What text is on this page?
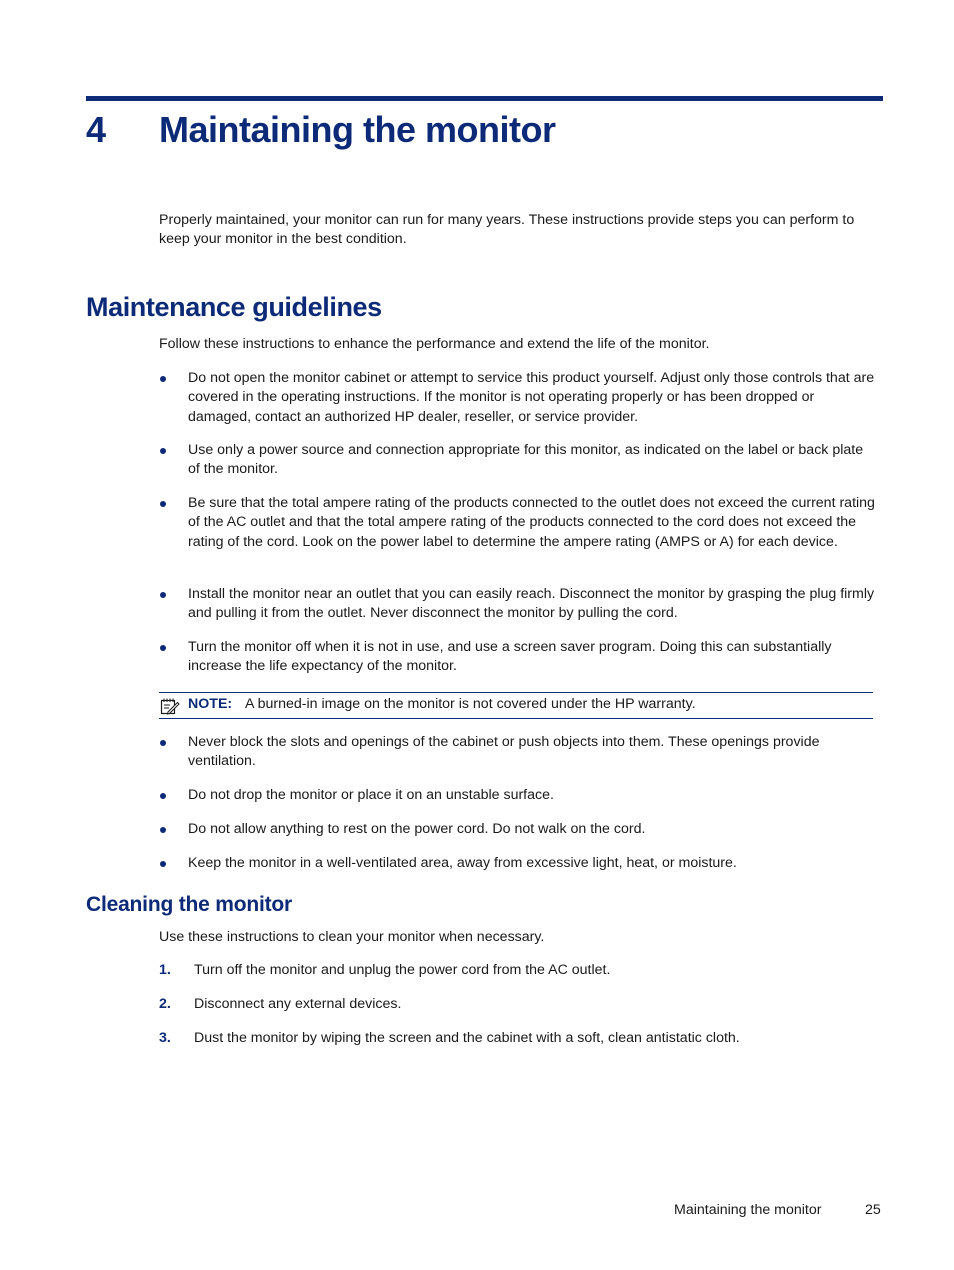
4 Maintaining the monitor
Properly maintained, your monitor can run for many years. These instructions provide steps you can perform to keep your monitor in the best condition.
Maintenance guidelines
Follow these instructions to enhance the performance and extend the life of the monitor.
Do not open the monitor cabinet or attempt to service this product yourself. Adjust only those controls that are covered in the operating instructions. If the monitor is not operating properly or has been dropped or damaged, contact an authorized HP dealer, reseller, or service provider.
Use only a power source and connection appropriate for this monitor, as indicated on the label or back plate of the monitor.
Be sure that the total ampere rating of the products connected to the outlet does not exceed the current rating of the AC outlet and that the total ampere rating of the products connected to the cord does not exceed the rating of the cord. Look on the power label to determine the ampere rating (AMPS or A) for each device.
Install the monitor near an outlet that you can easily reach. Disconnect the monitor by grasping the plug firmly and pulling it from the outlet. Never disconnect the monitor by pulling the cord.
Turn the monitor off when it is not in use, and use a screen saver program. Doing this can substantially increase the life expectancy of the monitor.
NOTE: A burned-in image on the monitor is not covered under the HP warranty.
Never block the slots and openings of the cabinet or push objects into them. These openings provide ventilation.
Do not drop the monitor or place it on an unstable surface.
Do not allow anything to rest on the power cord. Do not walk on the cord.
Keep the monitor in a well-ventilated area, away from excessive light, heat, or moisture.
Cleaning the monitor
Use these instructions to clean your monitor when necessary.
1. Turn off the monitor and unplug the power cord from the AC outlet.
2. Disconnect any external devices.
3. Dust the monitor by wiping the screen and the cabinet with a soft, clean antistatic cloth.
Maintaining the monitor	25
